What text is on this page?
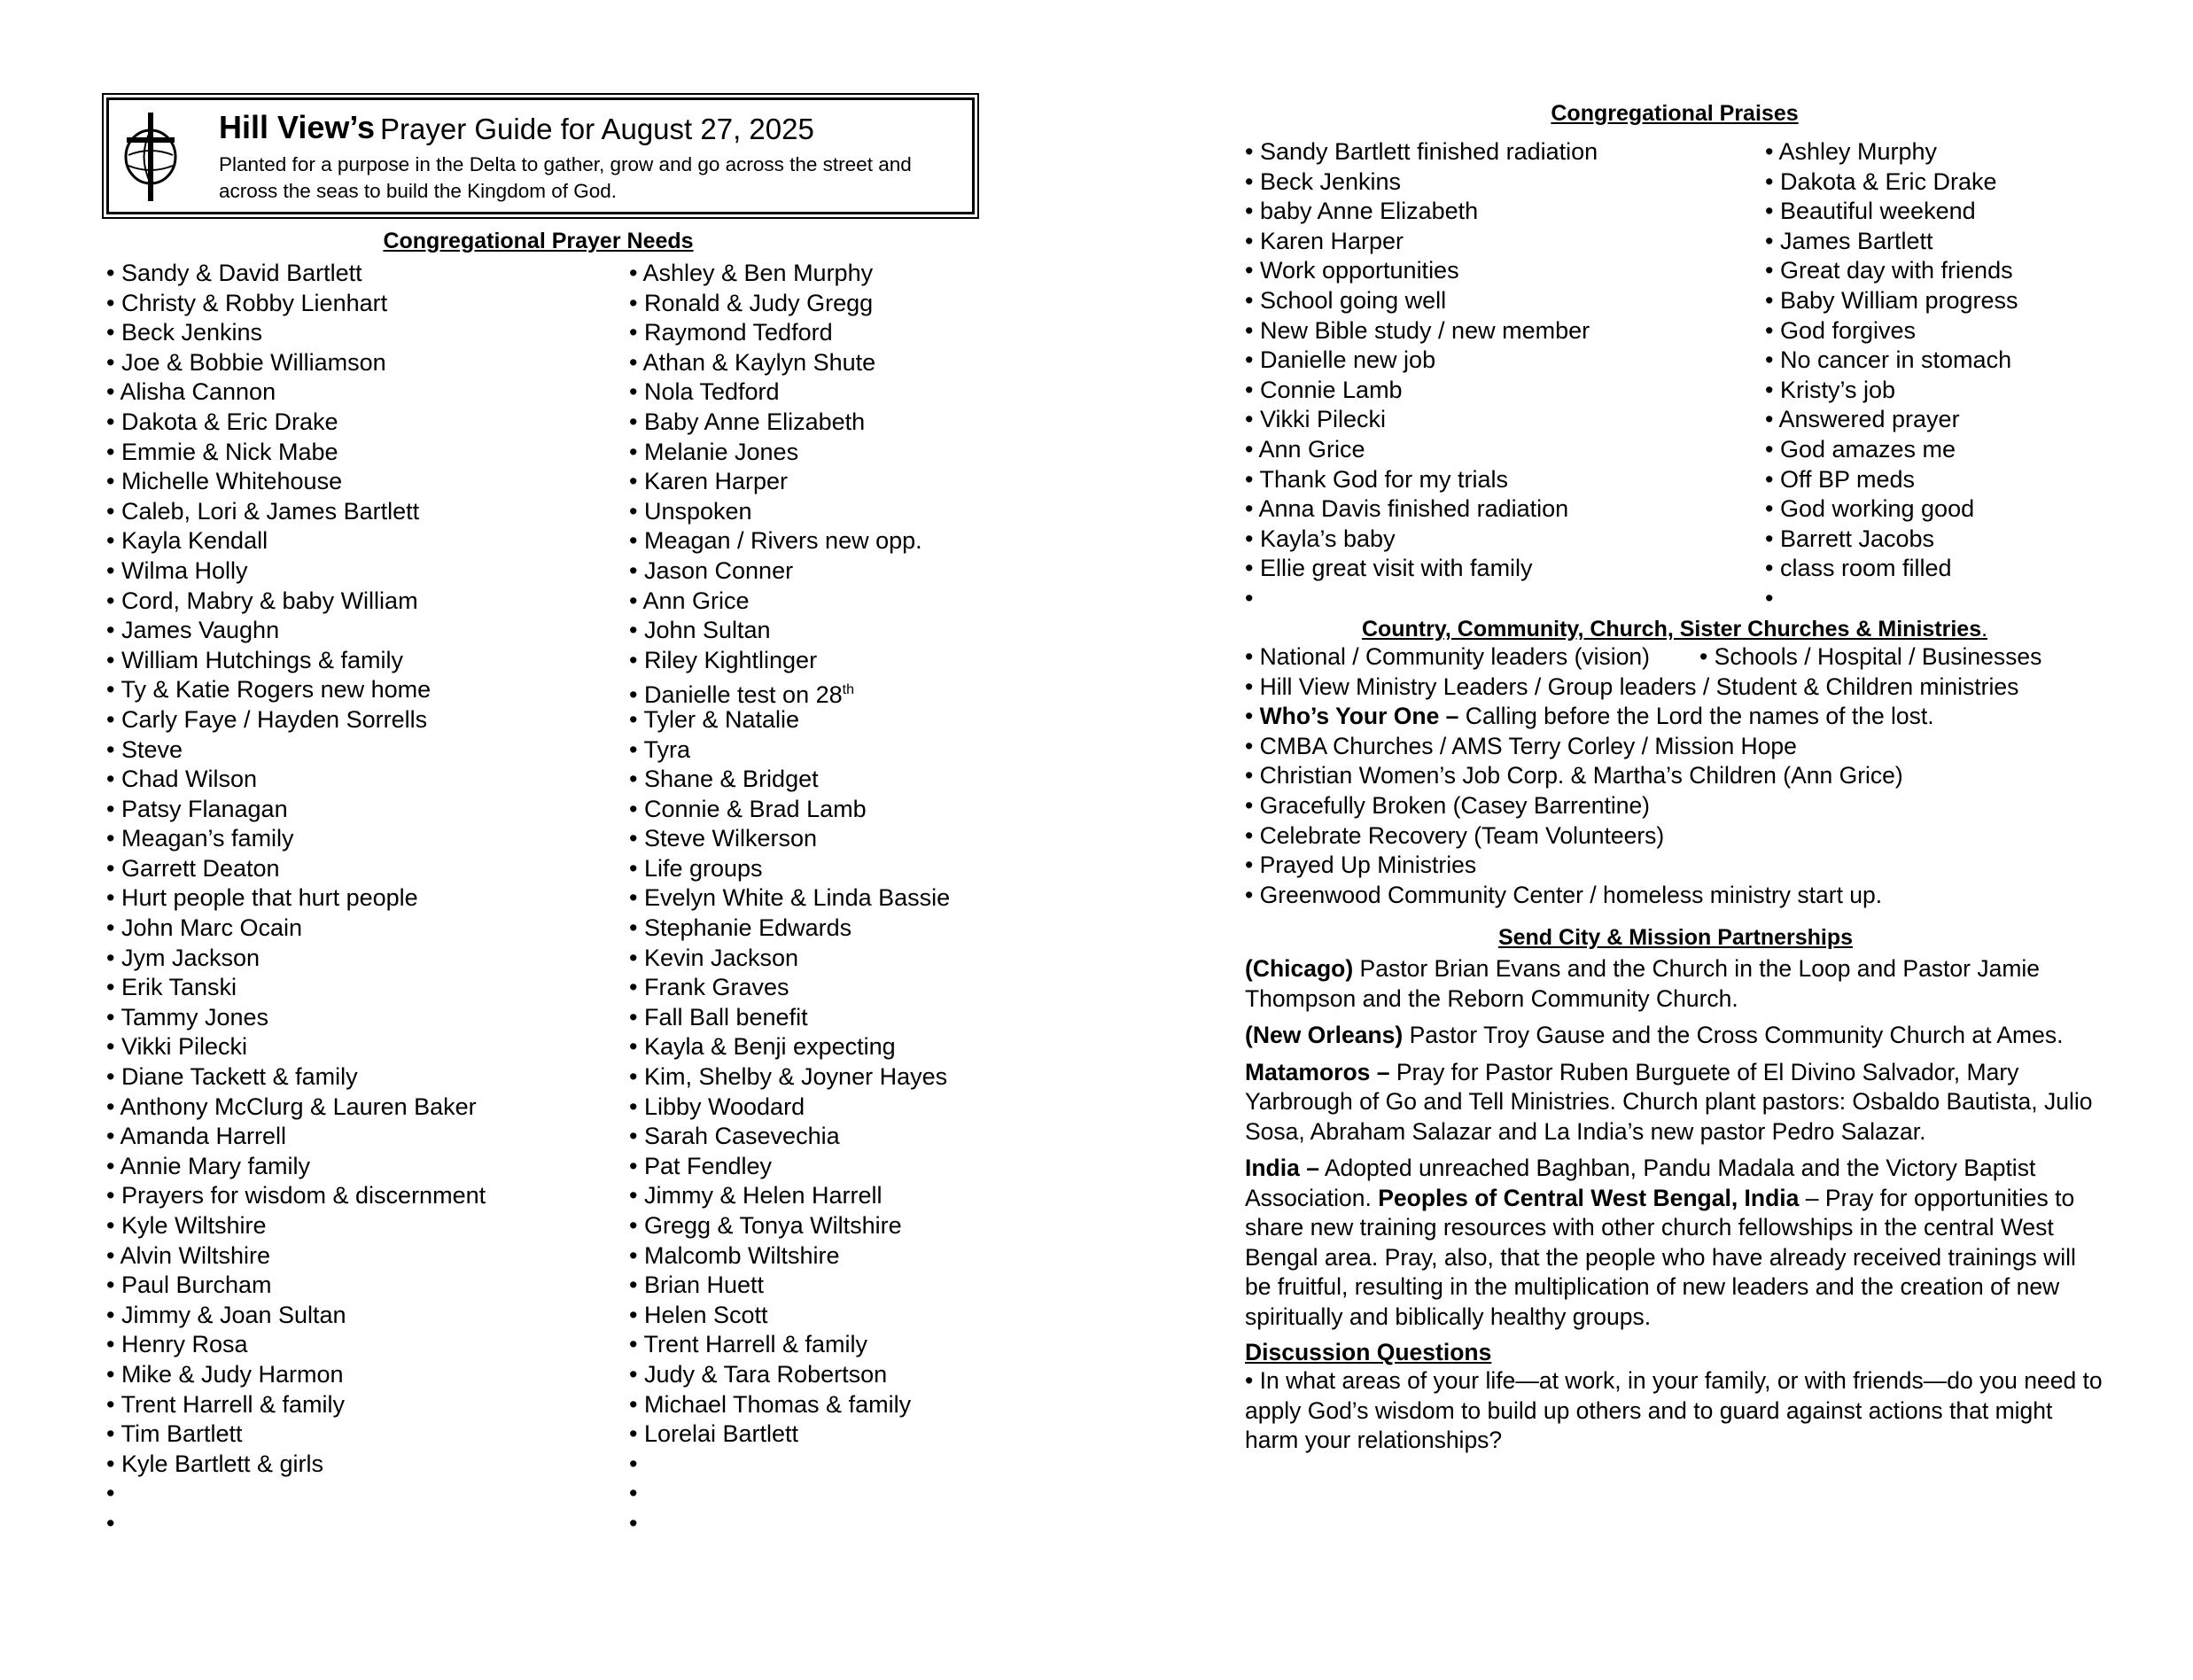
Hill View’s Prayer Guide for August 27, 2025
Planted for a purpose in the Delta to gather, grow and go across the street and across the seas to build the Kingdom of God.
Congregational Prayer Needs
• Sandy & David Bartlett
• Christy & Robby Lienhart
• Beck Jenkins
• Joe & Bobbie Williamson
• Alisha Cannon
• Dakota & Eric Drake
• Emmie & Nick Mabe
• Michelle Whitehouse
• Caleb, Lori & James Bartlett
• Kayla Kendall
• Wilma Holly
• Cord, Mabry & baby William
• James Vaughn
• William Hutchings & family
• Ty & Katie Rogers new home
• Carly Faye / Hayden Sorrells
• Steve
• Chad Wilson
• Patsy Flanagan
• Meagan’s family
• Garrett Deaton
• Hurt people that hurt people
• John Marc Ocain
• Jym Jackson
• Erik Tanski
• Tammy Jones
• Vikki Pilecki
• Diane Tackett & family
• Anthony McClurg & Lauren Baker
• Amanda Harrell
• Annie Mary family
• Prayers for wisdom & discernment
• Kyle Wiltshire
• Alvin Wiltshire
• Paul Burcham
• Jimmy & Joan Sultan
• Henry Rosa
• Mike & Judy Harmon
• Trent Harrell & family
• Tim Bartlett
• Kyle Bartlett & girls
•
•
• Ashley & Ben Murphy
• Ronald & Judy Gregg
• Raymond Tedford
• Athan & Kaylyn Shute
• Nola Tedford
• Baby Anne Elizabeth
• Melanie Jones
• Karen Harper
• Unspoken
• Meagan / Rivers new opp.
• Jason Conner
• Ann Grice
• John Sultan
• Riley Kightlinger
• Danielle test on 28th
• Tyler & Natalie
• Tyra
• Shane & Bridget
• Connie & Brad Lamb
• Steve Wilkerson
• Life groups
• Evelyn White & Linda Bassie
• Stephanie Edwards
• Kevin Jackson
• Frank Graves
• Fall Ball benefit
• Kayla & Benji expecting
• Kim, Shelby & Joyner Hayes
• Libby Woodard
• Sarah Casevechia
• Pat Fendley
• Jimmy & Helen Harrell
• Gregg & Tonya Wiltshire
• Malcomb Wiltshire
• Brian Huett
• Helen Scott
• Trent Harrell & family
• Judy & Tara Robertson
• Michael Thomas & family
• Lorelai Bartlett
•
•
•
Congregational Praises
• Sandy Bartlett finished radiation
• Beck Jenkins
• baby Anne Elizabeth
• Karen Harper
• Work opportunities
• School going well
• New Bible study / new member
• Danielle new job
• Connie Lamb
• Vikki Pilecki
• Ann Grice
• Thank God for my trials
• Anna Davis finished radiation
• Kayla’s baby
• Ellie great visit with family
•
• Ashley Murphy
• Dakota & Eric Drake
• Beautiful weekend
• James Bartlett
• Great day with friends
• Baby William progress
• God forgives
• No cancer in stomach
• Kristy’s job
• Answered prayer
• God amazes me
• Off BP meds
• God working good
• Barrett Jacobs
• class room filled
•
Country, Community, Church, Sister Churches & Ministries.
• National / Community leaders (vision) • Schools / Hospital / Businesses
• Hill View Ministry Leaders / Group leaders / Student & Children ministries
• Who’s Your One – Calling before the Lord the names of the lost.
• CMBA Churches / AMS Terry Corley / Mission Hope
• Christian Women’s Job Corp. & Martha’s Children (Ann Grice)
• Gracefully Broken (Casey Barrentine)
• Celebrate Recovery (Team Volunteers)
• Prayed Up Ministries
• Greenwood Community Center / homeless ministry start up.
Send City & Mission Partnerships

(Chicago) Pastor Brian Evans and the Church in the Loop and Pastor Jamie Thompson and the Reborn Community Church.

(New Orleans) Pastor Troy Gause and the Cross Community Church at Ames.

Matamoros – Pray for Pastor Ruben Burguete of El Divino Salvador, Mary Yarbrough of Go and Tell Ministries. Church plant pastors: Osbaldo Bautista, Julio Sosa, Abraham Salazar and La India’s new pastor Pedro Salazar.

India – Adopted unreached Baghban, Pandu Madala and the Victory Baptist Association. Peoples of Central West Bengal, India – Pray for opportunities to share new training resources with other church fellowships in the central West Bengal area. Pray, also, that the people who have already received trainings will be fruitful, resulting in the multiplication of new leaders and the creation of new spiritually and biblically healthy groups.

Discussion Questions

• In what areas of your life—at work, in your family, or with friends—do you need to apply God’s wisdom to build up others and to guard against actions that might harm your relationships?
